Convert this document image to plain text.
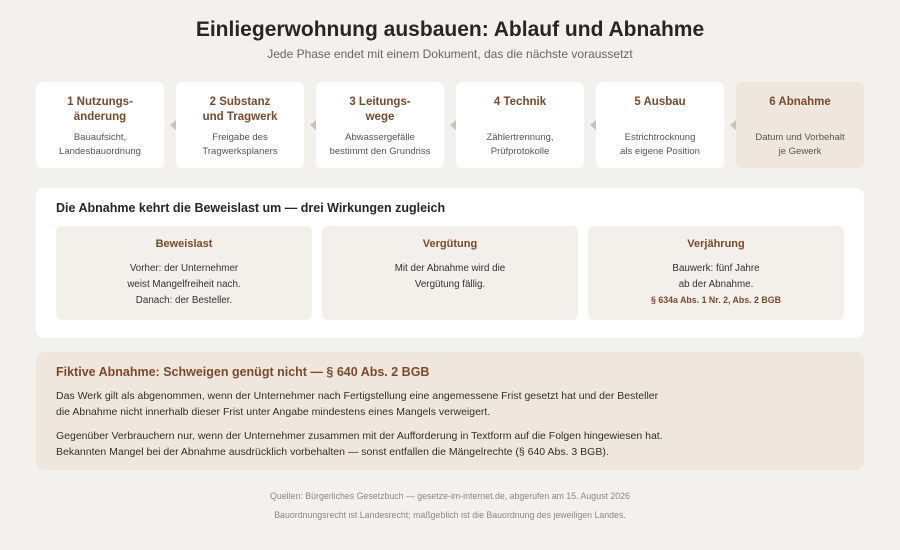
Einliegerwohnung ausbauen: Ablauf und Abnahme
Jede Phase endet mit einem Dokument, das die nächste voraussetzt
1 Nutzungs-
änderung
Bauaufsicht,
Landesbauordnung
2 Substanz
und Tragwerk
Freigabe des
Tragwerksplaners
3 Leitungs-
wege
Abwassergefälle
bestimmt den Grundriss
4 Technik
Zählertrennung,
Prüfprotokolle
5 Ausbau
Estrichtrocknung
als eigene Position
6 Abnahme
Datum und Vorbehalt
je Gewerk
Die Abnahme kehrt die Beweislast um — drei Wirkungen zugleich
Beweislast
Vorher: der Unternehmer
weist Mangelfreiheit nach.
Danach: der Besteller.
Vergütung
Mit der Abnahme wird die
Vergütung fällig.
Verjährung
Bauwerk: fünf Jahre
ab der Abnahme.
§ 634a Abs. 1 Nr. 2, Abs. 2 BGB
Fiktive Abnahme: Schweigen genügt nicht — § 640 Abs. 2 BGB
Das Werk gilt als abgenommen, wenn der Unternehmer nach Fertigstellung eine angemessene Frist gesetzt hat und der Besteller
die Abnahme nicht innerhalb dieser Frist unter Angabe mindestens eines Mangels verweigert.
Gegenüber Verbrauchern nur, wenn der Unternehmer zusammen mit der Aufforderung in Textform auf die Folgen hingewiesen hat.
Bekannten Mangel bei der Abnahme ausdrücklich vorbehalten — sonst entfallen die Mängelrechte (§ 640 Abs. 3 BGB).
Quellen: Bürgerliches Gesetzbuch — gesetze-im-internet.de, abgerufen am 15. August 2026
Bauordnungsrecht ist Landesrecht; maßgeblich ist die Bauordnung des jeweiligen Landes.
